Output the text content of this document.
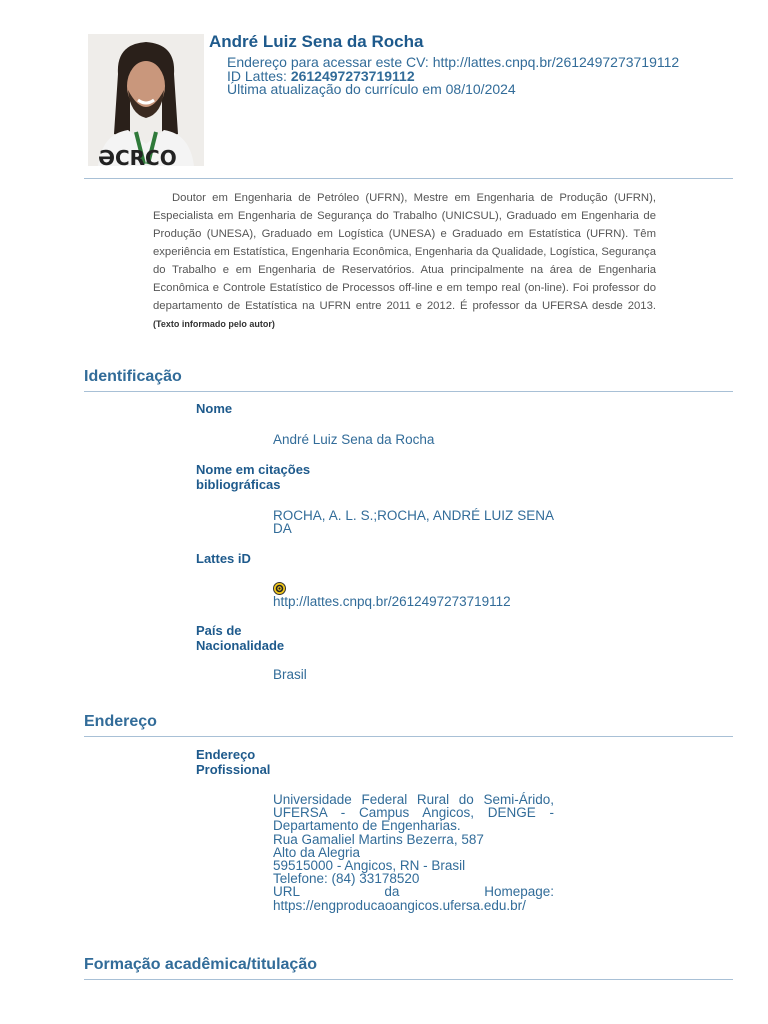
ƏCRCO
André Luiz Sena da Rocha
Endereço para acessar este CV: http://lattes.cnpq.br/2612497273719112
ID Lattes: 2612497273719112
Última atualização do currículo em 08/10/2024

Doutor em Engenharia de Petróleo (UFRN), Mestre em Engenharia de Produção (UFRN), Especialista em Engenharia de Segurança do Trabalho (UNICSUL), Graduado em Engenharia de Produção (UNESA), Graduado em Logística (UNESA) e Graduado em Estatística (UFRN). Têm experiência em Estatística, Engenharia Econômica, Engenharia da Qualidade, Logística, Segurança do Trabalho e em Engenharia de Reservatórios. Atua principalmente na área de Engenharia Econômica e Controle Estatístico de Processos off-line e em tempo real (on-line). Foi professor do departamento de Estatística na UFRN entre 2011 e 2012. É professor da UFERSA desde 2013. (Texto informado pelo autor)

Identificação
Nome
André Luiz Sena da Rocha
Nome em citações
bibliográficas
ROCHA, A. L. S.;ROCHA, ANDRÉ LUIZ SENA DA
Lattes iD

http://lattes.cnpq.br/2612497273719112
País de
Nacionalidade
Brasil
Endereço
Endereço
Profissional
Universidade Federal Rural do Semi-Árido,
UFERSA - Campus Angicos, DENGE -
Departamento de Engenharias.
Rua Gamaliel Martins Bezerra, 587
Alto da Alegria
59515000 - Angicos, RN - Brasil
Telefone: (84) 33178520
URL da Homepage:
https://engproducaoangicos.ufersa.edu.br/
Formação acadêmica/titulação
